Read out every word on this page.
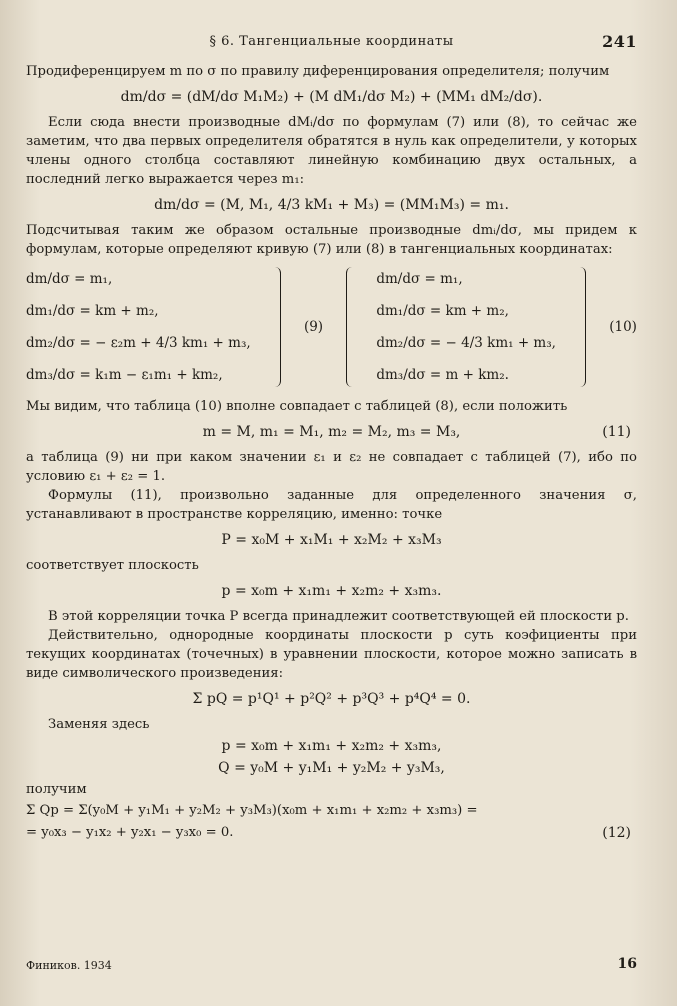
§ 6. Тангенциальные координаты	241

Продиференцируем m по σ по правилу диференцирования определителя; получим

dm/dσ = (dM/dσ M₁M₂) + (M dM₁/dσ M₂) + (MM₁ dM₂/dσ).

Если сюда внести производные dMᵢ/dσ по формулам (7) или (8), то сейчас же заметим, что два первых определителя обратятся в нуль как определители, у которых члены одного столбца составляют линейную комбинацию двух остальных, а последний легко выражается через m₁:

dm/dσ = (M, M₁, 4/3 kM₁ + M₃) = (MM₁M₃) = m₁.

Подсчитывая таким же образом остальные производные dmᵢ/dσ, мы придем к формулам, которые определяют кривую (7) или (8) в тангенциальных координатах:

dm/dσ = m₁,
dm₁/dσ = km + m₂,
dm₂/dσ = − ε₂m + 4/3 km₁ + m₃,
dm₃/dσ = k₁m − ε₁m₁ + km₂,
(9)
dm/dσ = m₁,
dm₁/dσ = km + m₂,
dm₂/dσ = − 4/3 km₁ + m₃,
dm₃/dσ = m + km₂.
(10)

Мы видим, что таблица (10) вполне совпадает с таблицей (8), если положить

m = M, m₁ = M₁, m₂ = M₂, m₃ = M₃,	(11)

а таблица (9) ни при каком значении ε₁ и ε₂ не совпадает с таблицей (7), ибо по условию ε₁ + ε₂ = 1.

Формулы (11), произвольно заданные для определенного значения σ, устанавливают в пространстве корреляцию, именно: точке

P = x₀M + x₁M₁ + x₂M₂ + x₃M₃

соответствует плоскость

p = x₀m + x₁m₁ + x₂m₂ + x₃m₃.

В этой корреляции точка P всегда принадлежит соответствующей ей плоскости p.

Действительно, однородные координаты плоскости p суть коэфициенты при текущих координатах (точечных) в уравнении плоскости, которое можно записать в виде символического произведения:

Σ pQ = p¹Q¹ + p²Q² + p³Q³ + p⁴Q⁴ = 0.

Заменяя здесь

p = x₀m + x₁m₁ + x₂m₂ + x₃m₃,
Q = y₀M + y₁M₁ + y₂M₂ + y₃M₃,

получим

Σ Qp = Σ(y₀M + y₁M₁ + y₂M₂ + y₃M₃)(x₀m + x₁m₁ + x₂m₂ + x₃m₃) =
= y₀x₃ − y₁x₂ + y₂x₁ − y₃x₀ = 0.	(12)
Фиников. 1934	16
